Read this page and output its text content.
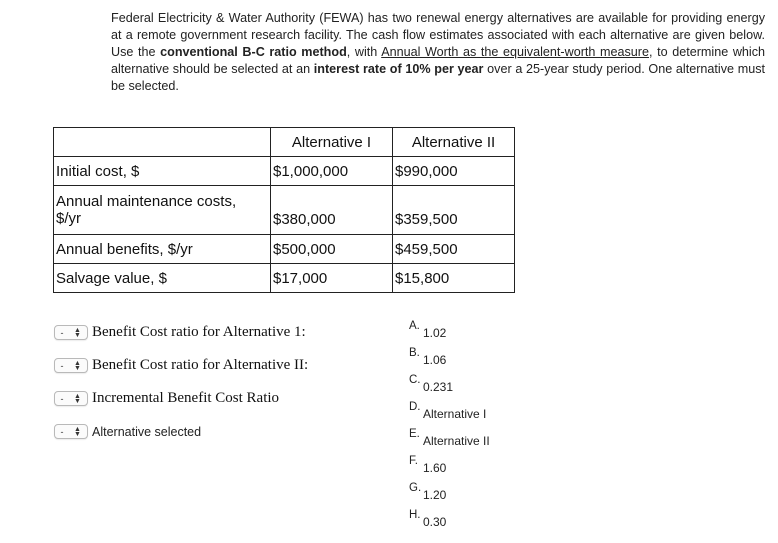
Federal Electricity & Water Authority (FEWA) has two renewal energy alternatives are available for providing energy at a remote government research facility. The cash flow estimates associated with each alternative are given below. Use the conventional B-C ratio method, with Annual Worth as the equivalent-worth measure, to determine which alternative should be selected at an interest rate of 10% per year over a 25-year study period. One alternative must be selected.
	Alternative I	Alternative II
Initial cost, $	$1,000,000	$990,000

Annual maintenance costs,
$/yr	$380,000	$359,500

Annual benefits, $/yr	$500,000	$459,500
Salvage value, $	$17,000	$15,800
-	▲
▼ Benefit Cost ratio for Alternative 1:
-	▲
▼ Benefit Cost ratio for Alternative II:
-	▲
▼ Incremental Benefit Cost Ratio
-	▲
▼ Alternative selected
A. 1.02
B. 1.06
C. 0.231
D. Alternative I
E. Alternative II
F. 1.60
G. 1.20
H. 0.30
